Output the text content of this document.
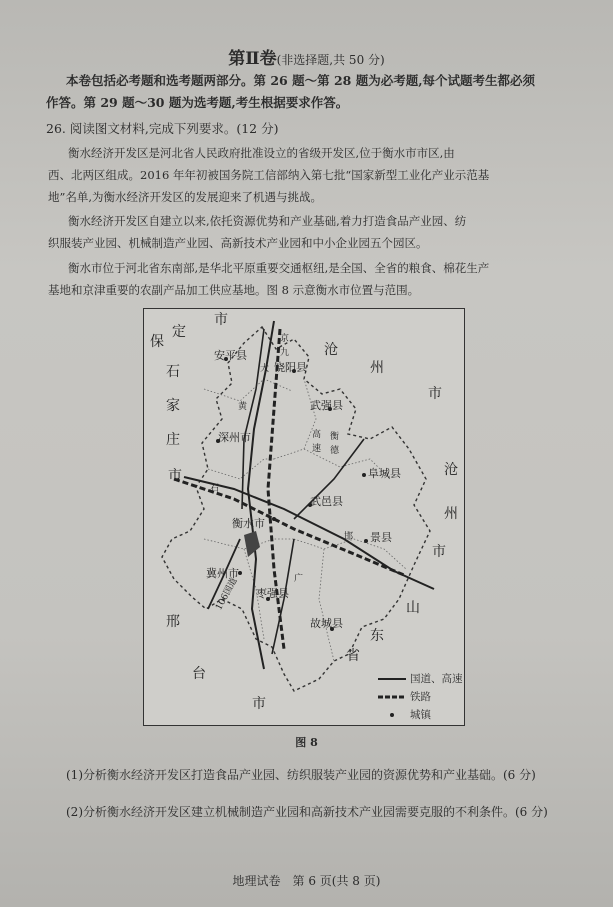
第Ⅱ卷(非选择题,共 50 分)
本卷包括必考题和选考题两部分。第 26 题～第 28 题为必考题,每个试题考生都必须
作答。第 29 题～30 题为选考题,考生根据要求作答。
26. 阅读图文材料,完成下列要求。(12 分)
衡水经济开发区是河北省人民政府批准设立的省级开发区,位于衡水市市区,由
西、北两区组成。2016 年年初被国务院工信部纳入第七批“国家新型工业化产业示范基
地”名单,为衡水经济开发区的发展迎来了机遇与挑战。
衡水经济开发区自建立以来,依托资源优势和产业基础,着力打造食品产业园、纺
织服装产业园、机械制造产业园、高新技术产业园和中小企业园五个园区。
衡水市位于河北省东南部,是华北平原重要交通枢纽,是全国、全省的粮食、棉花生产
基地和京津重要的农副产品加工供应基地。图 8 示意衡水市位置与范围。
定
市
保
石
家
庄
市
沧
州
市
沧
州
市
山
东
省
邢
台
市
安平县
饶阳县
武强县
深州市
阜城县
武邑县
衡水市
景县
冀州市
枣强县
故城县
京
九
衡
德
石
高
速
大
广
邯
黄
106国道
国道、高速
铁路
城镇
图 8
(1)分析衡水经济开发区打造食品产业园、纺织服装产业园的资源优势和产业基础。(6 分)
(2)分析衡水经济开发区建立机械制造产业园和高新技术产业园需要克服的不利条件。(6 分)
地理试卷　第 6 页(共 8 页)
